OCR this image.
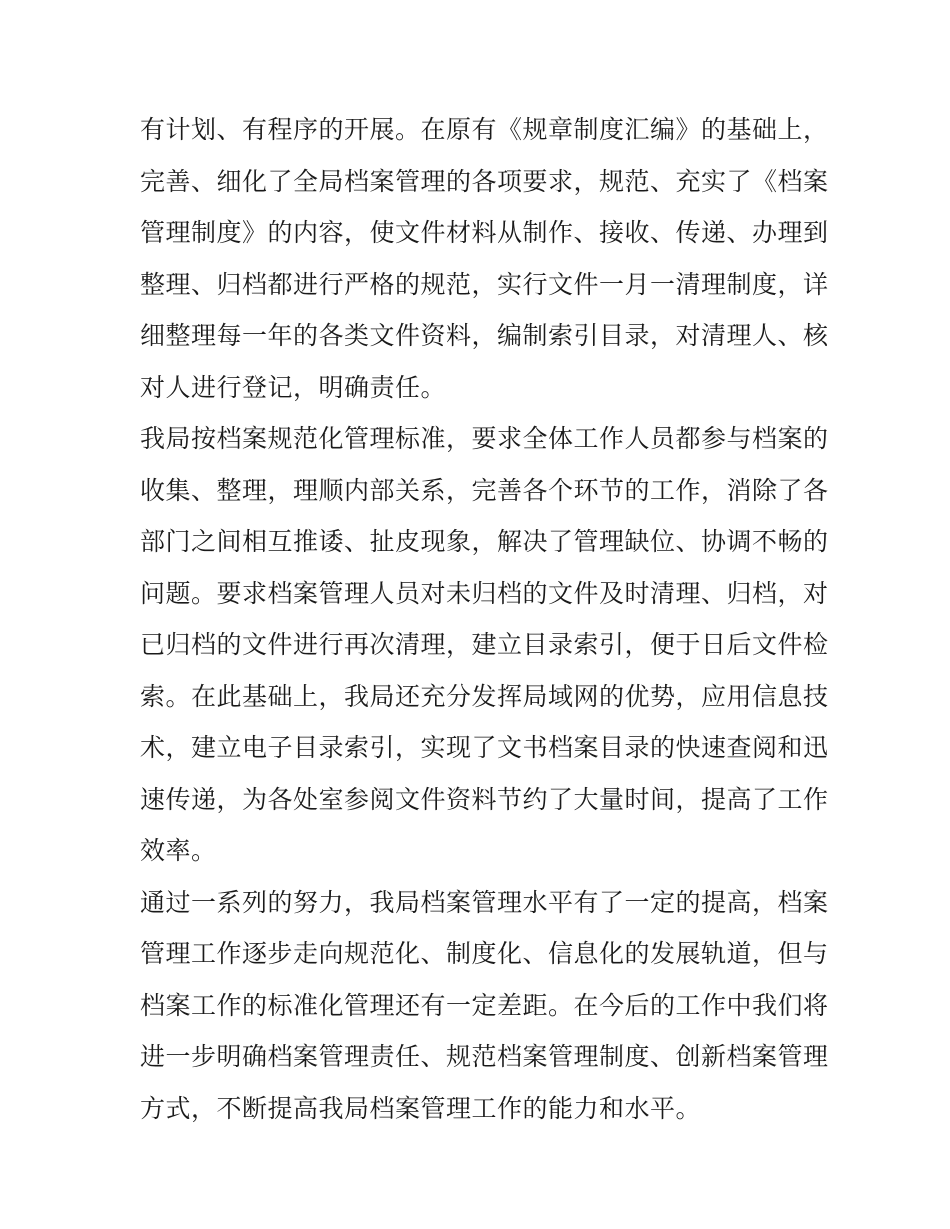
有计划、有程序的开展。在原有《规章制度汇编》的基础上，
完善、细化了全局档案管理的各项要求，规范、充实了《档案
管理制度》的内容，使文件材料从制作、接收、传递、办理到
整理、归档都进行严格的规范，实行文件一月一清理制度，详
细整理每一年的各类文件资料，编制索引目录，对清理人、核
对人进行登记，明确责任。
我局按档案规范化管理标准，要求全体工作人员都参与档案的
收集、整理，理顺内部关系，完善各个环节的工作，消除了各
部门之间相互推诿、扯皮现象，解决了管理缺位、协调不畅的
问题。要求档案管理人员对未归档的文件及时清理、归档，对
已归档的文件进行再次清理，建立目录索引，便于日后文件检
索。在此基础上，我局还充分发挥局域网的优势，应用信息技
术，建立电子目录索引，实现了文书档案目录的快速查阅和迅
速传递，为各处室参阅文件资料节约了大量时间，提高了工作
效率。
通过一系列的努力，我局档案管理水平有了一定的提高，档案
管理工作逐步走向规范化、制度化、信息化的发展轨道，但与
档案工作的标准化管理还有一定差距。在今后的工作中我们将
进一步明确档案管理责任、规范档案管理制度、创新档案管理
方式，不断提高我局档案管理工作的能力和水平。
